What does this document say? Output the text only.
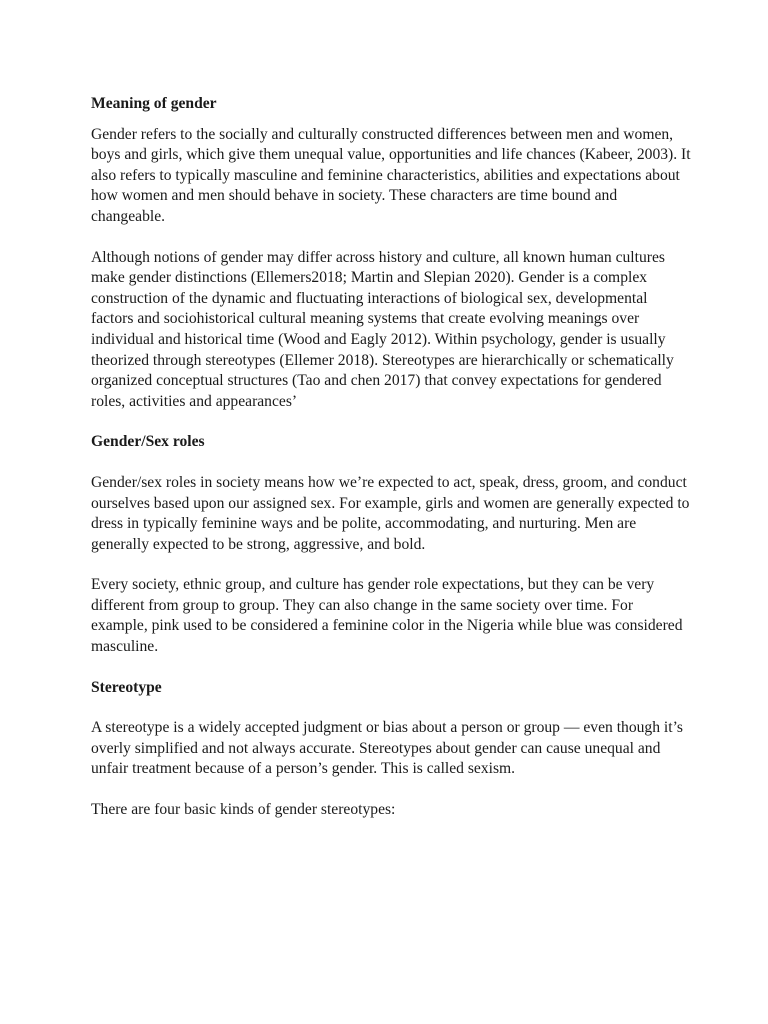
Meaning of gender

Gender refers to the socially and culturally constructed differences between men and women, boys and girls, which give them unequal value, opportunities and life chances (Kabeer, 2003). It also refers to typically masculine and feminine characteristics, abilities and expectations about how women and men should behave in society. These characters are time bound and changeable.

Although notions of gender may differ across history and culture, all known human cultures make gender distinctions (Ellemers2018; Martin and Slepian 2020). Gender is a complex construction of the dynamic and fluctuating interactions of biological sex, developmental factors and sociohistorical cultural meaning systems that create evolving meanings over individual and historical time (Wood and Eagly 2012). Within psychology, gender is usually theorized through stereotypes (Ellemer 2018). Stereotypes are hierarchically or schematically organized conceptual structures (Tao and chen 2017) that convey expectations for gendered roles, activities and appearances’

Gender/Sex roles

Gender/sex roles in society means how we’re expected to act, speak, dress, groom, and conduct ourselves based upon our assigned sex. For example, girls and women are generally expected to dress in typically feminine ways and be polite, accommodating, and nurturing. Men are generally expected to be strong, aggressive, and bold.

Every society, ethnic group, and culture has gender role expectations, but they can be very different from group to group. They can also change in the same society over time. For example, pink used to be considered a feminine color in the Nigeria while blue was considered masculine.

Stereotype

A stereotype is a widely accepted judgment or bias about a person or group — even though it’s overly simplified and not always accurate. Stereotypes about gender can cause unequal and unfair treatment because of a person’s gender. This is called sexism.

There are four basic kinds of gender stereotypes:
